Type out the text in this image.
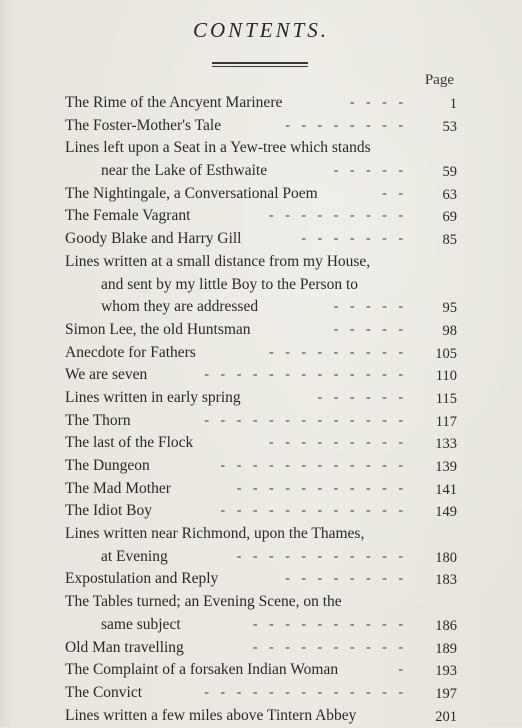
CONTENTS.
Page
The Rime of the Ancyent Marinere	- - - -	1
The Foster-Mother's Tale	- - - - - - - -	53
Lines left upon a Seat in a Yew-tree which stands
near the Lake of Esthwaite	- - - - -	59
The Nightingale, a Conversational Poem	- -	63
The Female Vagrant	- - - - - - - - -	69
Goody Blake and Harry Gill	- - - - - - -	85
Lines written at a small distance from my House,
and sent by my little Boy to the Person to
whom they are addressed	- - - - -	95
Simon Lee, the old Huntsman	- - - - -	98
Anecdote for Fathers	- - - - - - - - -	105
We are seven	- - - - - - - - - - - - -	110
Lines written in early spring	- - - - - -	115
The Thorn	- - - - - - - - - - - - -	117
The last of the Flock	- - - - - - - - -	133
The Dungeon	- - - - - - - - - - - -	139
The Mad Mother	- - - - - - - - - - -	141
The Idiot Boy	- - - - - - - - - - - -	149
Lines written near Richmond, upon the Thames,
at Evening	- - - - - - - - - - -	180
Expostulation and Reply	- - - - - - - -	183
The Tables turned; an Evening Scene, on the
same subject	- - - - - - - - - -	186
Old Man travelling	- - - - - - - - - -	189
The Complaint of a forsaken Indian Woman	-	193
The Convict	- - - - - - - - - - - - -	197
Lines written a few miles above Tintern Abbey	201
